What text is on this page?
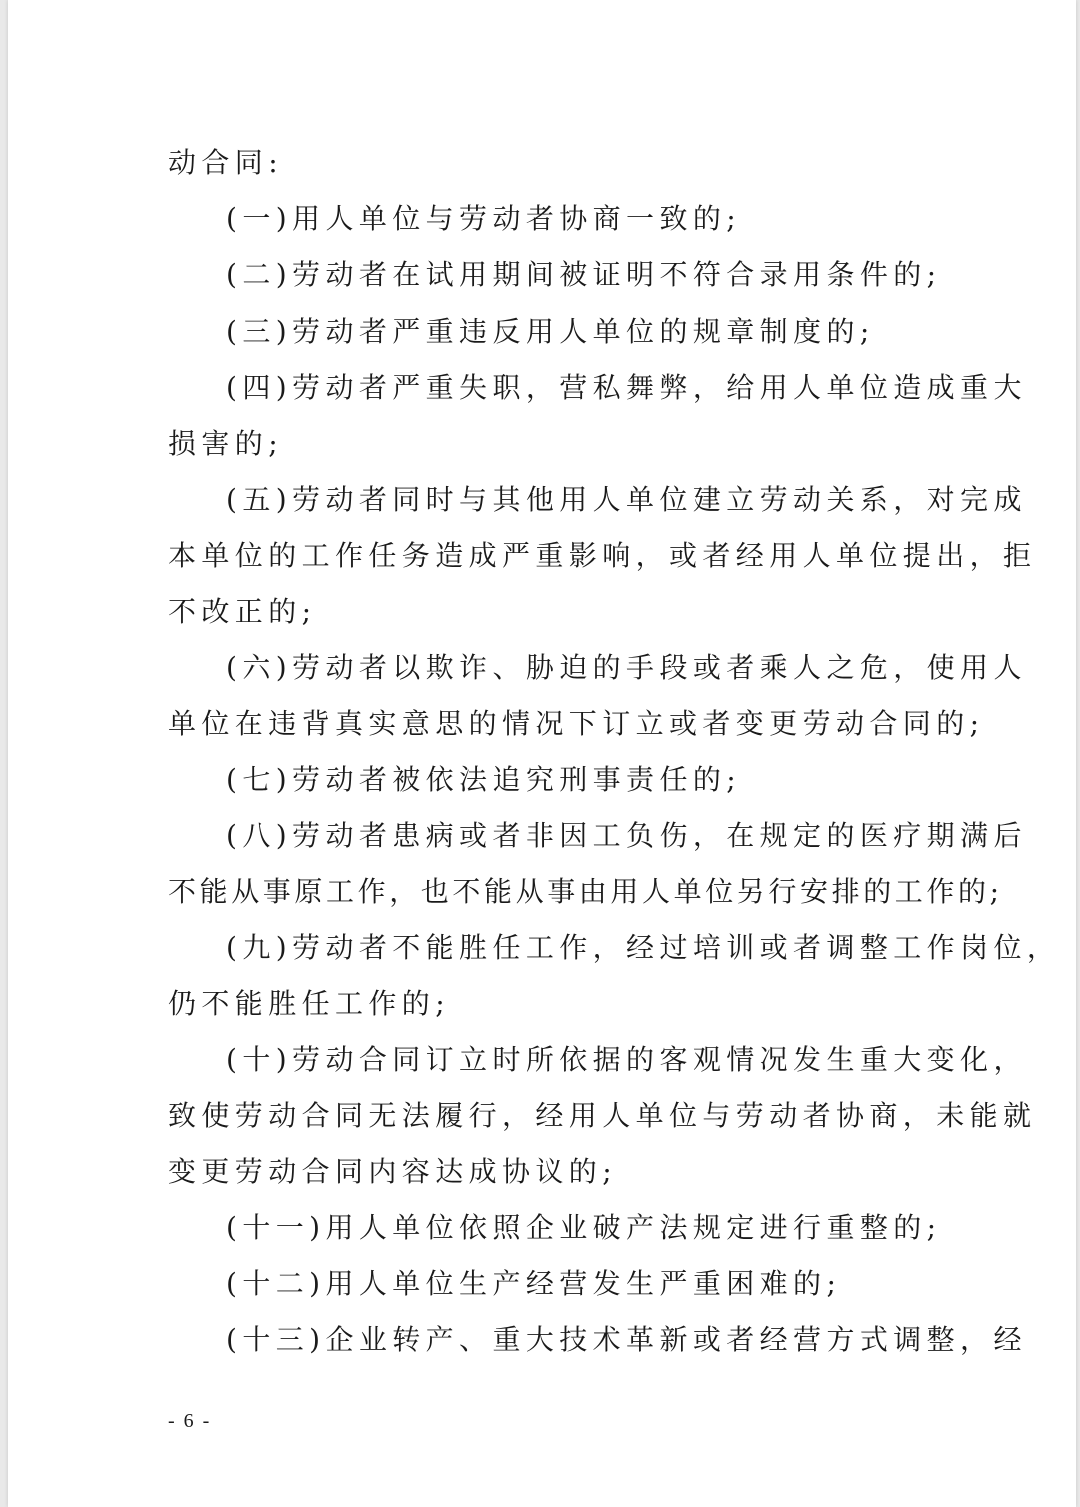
动合同:
(一)用人单位与劳动者协商一致的;
(二)劳动者在试用期间被证明不符合录用条件的;
(三)劳动者严重违反用人单位的规章制度的;
(四)劳动者严重失职，营私舞弊，给用人单位造成重大
损害的;
(五)劳动者同时与其他用人单位建立劳动关系，对完成
本单位的工作任务造成严重影响，或者经用人单位提出，拒
不改正的;
(六)劳动者以欺诈、胁迫的手段或者乘人之危，使用人
单位在违背真实意思的情况下订立或者变更劳动合同的;
(七)劳动者被依法追究刑事责任的;
(八)劳动者患病或者非因工负伤，在规定的医疗期满后
不能从事原工作，也不能从事由用人单位另行安排的工作的;
(九)劳动者不能胜任工作，经过培训或者调整工作岗位，
仍不能胜任工作的;
(十)劳动合同订立时所依据的客观情况发生重大变化，
致使劳动合同无法履行，经用人单位与劳动者协商，未能就
变更劳动合同内容达成协议的;
(十一)用人单位依照企业破产法规定进行重整的;
(十二)用人单位生产经营发生严重困难的;
(十三)企业转产、重大技术革新或者经营方式调整，经
- 6 -
